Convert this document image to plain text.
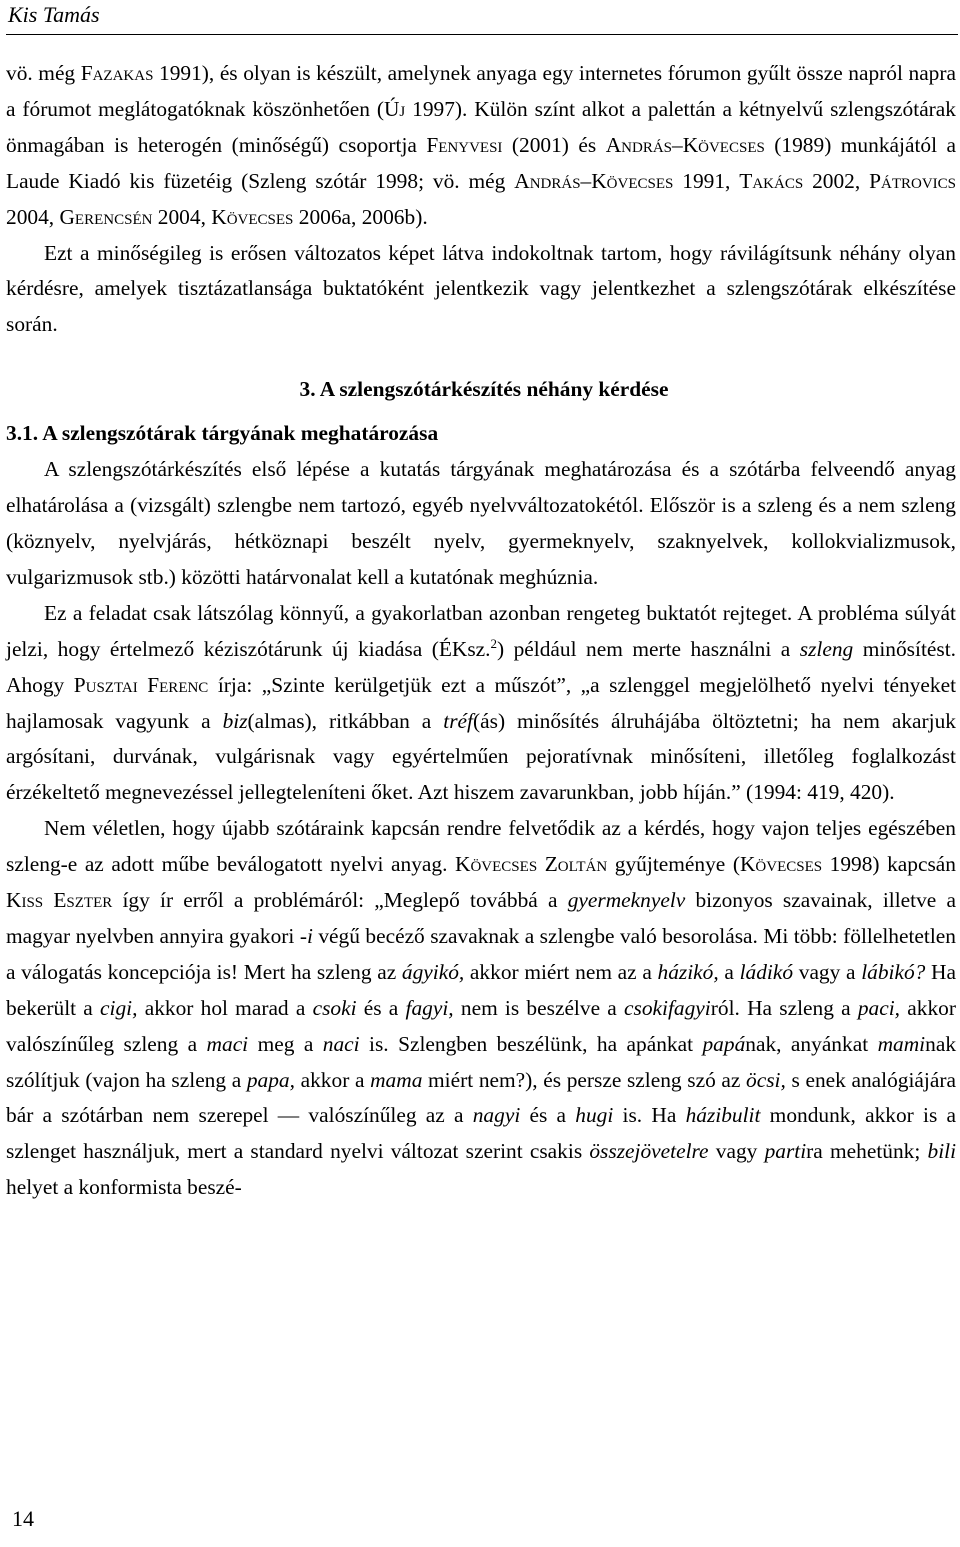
Kis Tamás

vö. még Fazakas 1991), és olyan is készült, amelynek anyaga egy internetes fórumon gyűlt össze napról napra a fórumot meglátogatóknak köszönhetően (Új 1997). Külön színt alkot a palettán a kétnyelvű szlengszótárak önmagában is heterogén (minőségű) csoportja Fenyvesi (2001) és András–Kövecses (1989) munkájától a Laude Kiadó kis füzetéig (Szleng szótár 1998; vö. még András–Kövecses 1991, Takács 2002, Pátrovics 2004, Gerencsén 2004, Kövecses 2006a, 2006b).

Ezt a minőségileg is erősen változatos képet látva indokoltnak tartom, hogy rávilágítsunk néhány olyan kérdésre, amelyek tisztázatlansága buktatóként jelentkezik vagy jelentkezhet a szlengszótárak elkészítése során.

3. A szlengszótárkészítés néhány kérdése

3.1. A szlengszótárak tárgyának meghatározása

A szlengszótárkészítés első lépése a kutatás tárgyának meghatározása és a szótárba felveendő anyag elhatárolása a (vizsgált) szlengbe nem tartozó, egyéb nyelvváltozatokétól. Először is a szleng és a nem szleng (köznyelv, nyelvjárás, hétköznapi beszélt nyelv, gyermeknyelv, szaknyelvek, kollokvializmusok, vulgarizmusok stb.) közötti határvonalat kell a kutatónak meghúznia.

Ez a feladat csak látszólag könnyű, a gyakorlatban azonban rengeteg buktatót rejteget. A probléma súlyát jelzi, hogy értelmező kéziszótárunk új kiadása (ÉKsz.$^2$) például nem merte használni a szleng minősítést. Ahogy Pusztai Ferenc írja: „Szinte kerülgetjük ezt a műszót”, „a szlenggel megjelölhető nyelvi tényeket hajlamosak vagyunk a biz(almas), ritkábban a tréf(ás) minősítés álruhájába öltöztetni; ha nem akarjuk argósítani, durvának, vulgárisnak vagy egyértelműen pejoratívnak minősíteni, illetőleg foglalkozást érzékeltető megnevezéssel jellegteleníteni őket. Azt hiszem zavarunkban, jobb híján.” (1994: 419, 420).

Nem véletlen, hogy újabb szótáraink kapcsán rendre felvetődik az a kérdés, hogy vajon teljes egészében szleng-e az adott műbe beválogatott nyelvi anyag. Kövecses Zoltán gyűjteménye (Kövecses 1998) kapcsán Kiss Eszter így ír erről a problémáról: „Meglepő továbbá a gyermeknyelv bizonyos szavainak, illetve a magyar nyelvben annyira gyakori -i végű becéző szavaknak a szlengbe való besorolása. Mi több: föllelhetetlen a válogatás koncepciója is! Mert ha szleng az ágyikó, akkor miért nem az a házikó, a ládikó vagy a lábikó? Ha bekerült a cigi, akkor hol marad a csoki és a fagyi, nem is beszélve a csokifagyiról. Ha szleng a paci, akkor valószínűleg szleng a maci meg a naci is. Szlengben beszélünk, ha apánkat papának, anyánkat maminak szólítjuk (vajon ha szleng a papa, akkor a mama miért nem?), és persze szleng szó az öcsi, s enek analógiájára bár a szótárban nem szerepel — valószínűleg az a nagyi és a hugi is. Ha házibulit mondunk, akkor is a szlenget használjuk, mert a standard nyelvi változat szerint csakis összejövetelre vagy partira mehetünk; bili helyet a konformista beszé-

14
